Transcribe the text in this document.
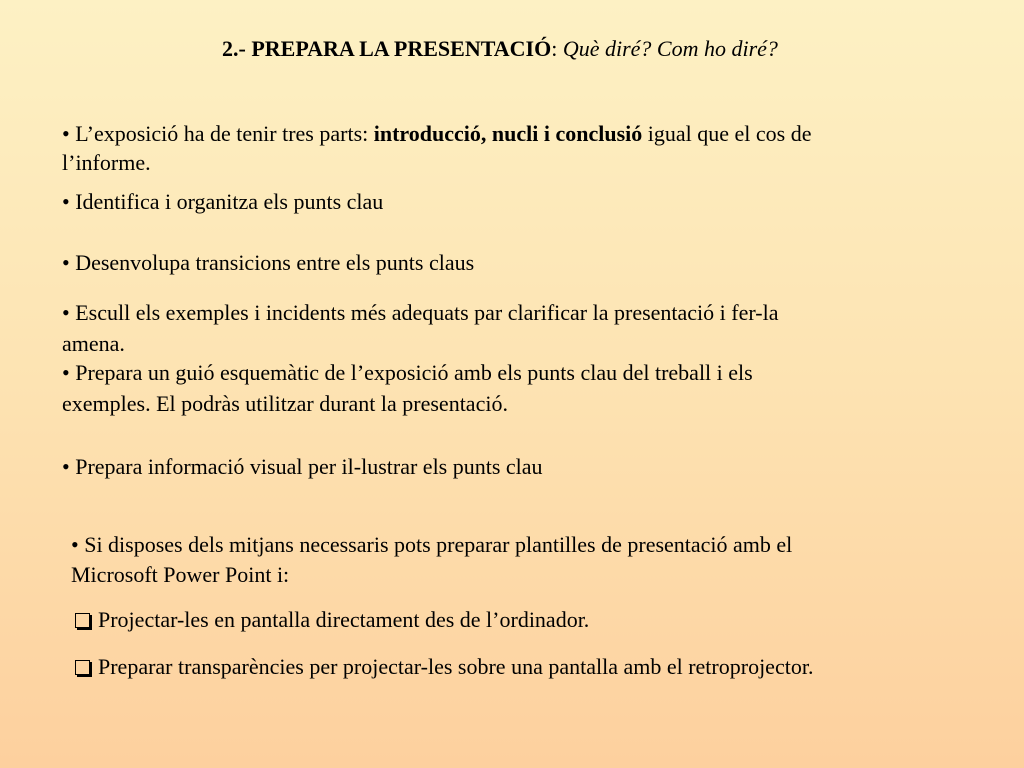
2.- PREPARA LA PRESENTACIÓ: Què diré? Com ho diré?
• L’exposició ha de tenir tres parts: introducció, nucli i conclusió igual que el cos de
l’informe.
• Identifica i organitza els punts clau
• Desenvolupa transicions entre els punts claus
• Escull els exemples i incidents més adequats par clarificar la presentació i fer-la
amena.
• Prepara un guió esquemàtic de l’exposició amb els punts clau del treball i els
exemples. El podràs utilitzar durant la presentació.
• Prepara informació visual per il-lustrar els punts clau
• Si disposes dels mitjans necessaris pots preparar plantilles de presentació amb el
Microsoft Power Point i:
Projectar-les en pantalla directament des de l’ordinador.
Preparar transparències per projectar-les sobre una pantalla amb el retroprojector.
